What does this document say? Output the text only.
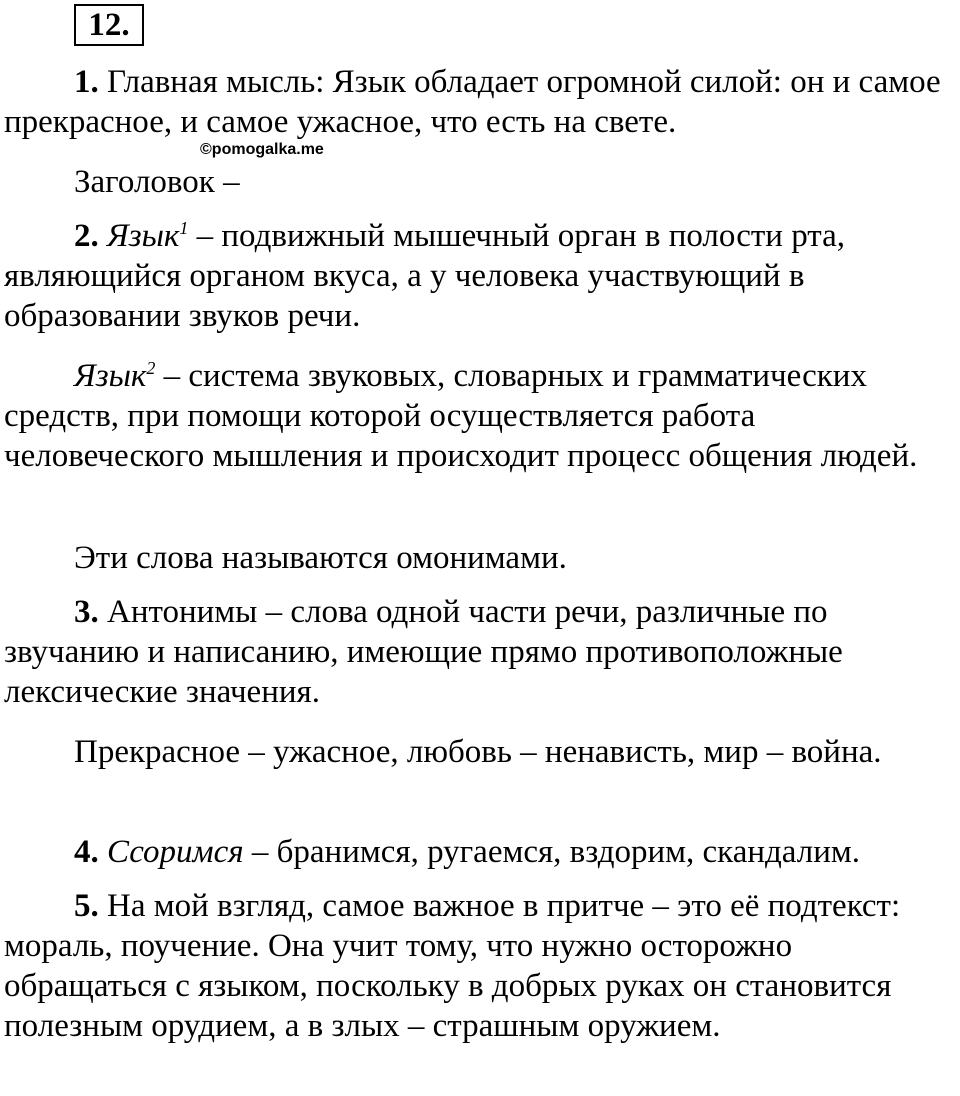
12.

1. Главная мысль: Язык обладает огромной силой: он и самое прекрасное, и самое ужасное, что есть на свете.

©pomogalka.me

Заголовок –

2. Язык$^1$ – подвижный мышечный орган в полости рта, являющийся органом вкуса, а у человека участвующий в образовании звуков речи.

Язык$^2$ – система звуковых, словарных и грамматических средств, при помощи которой осуществляется работа человеческого мышления и происходит процесс общения людей.

Эти слова называются омонимами.

3. Антонимы – слова одной части речи, различные по звучанию и написанию, имеющие прямо противоположные лексические значения.

Прекрасное – ужасное, любовь – ненависть, мир – война.

4. Ссоримся – бранимся, ругаемся, вздорим, скандалим.

5. На мой взгляд, самое важное в притче – это её подтекст: мораль, поучение. Она учит тому, что нужно осторожно обращаться с языком, поскольку в добрых руках он становится полезным орудием, а в злых – страшным оружием.
